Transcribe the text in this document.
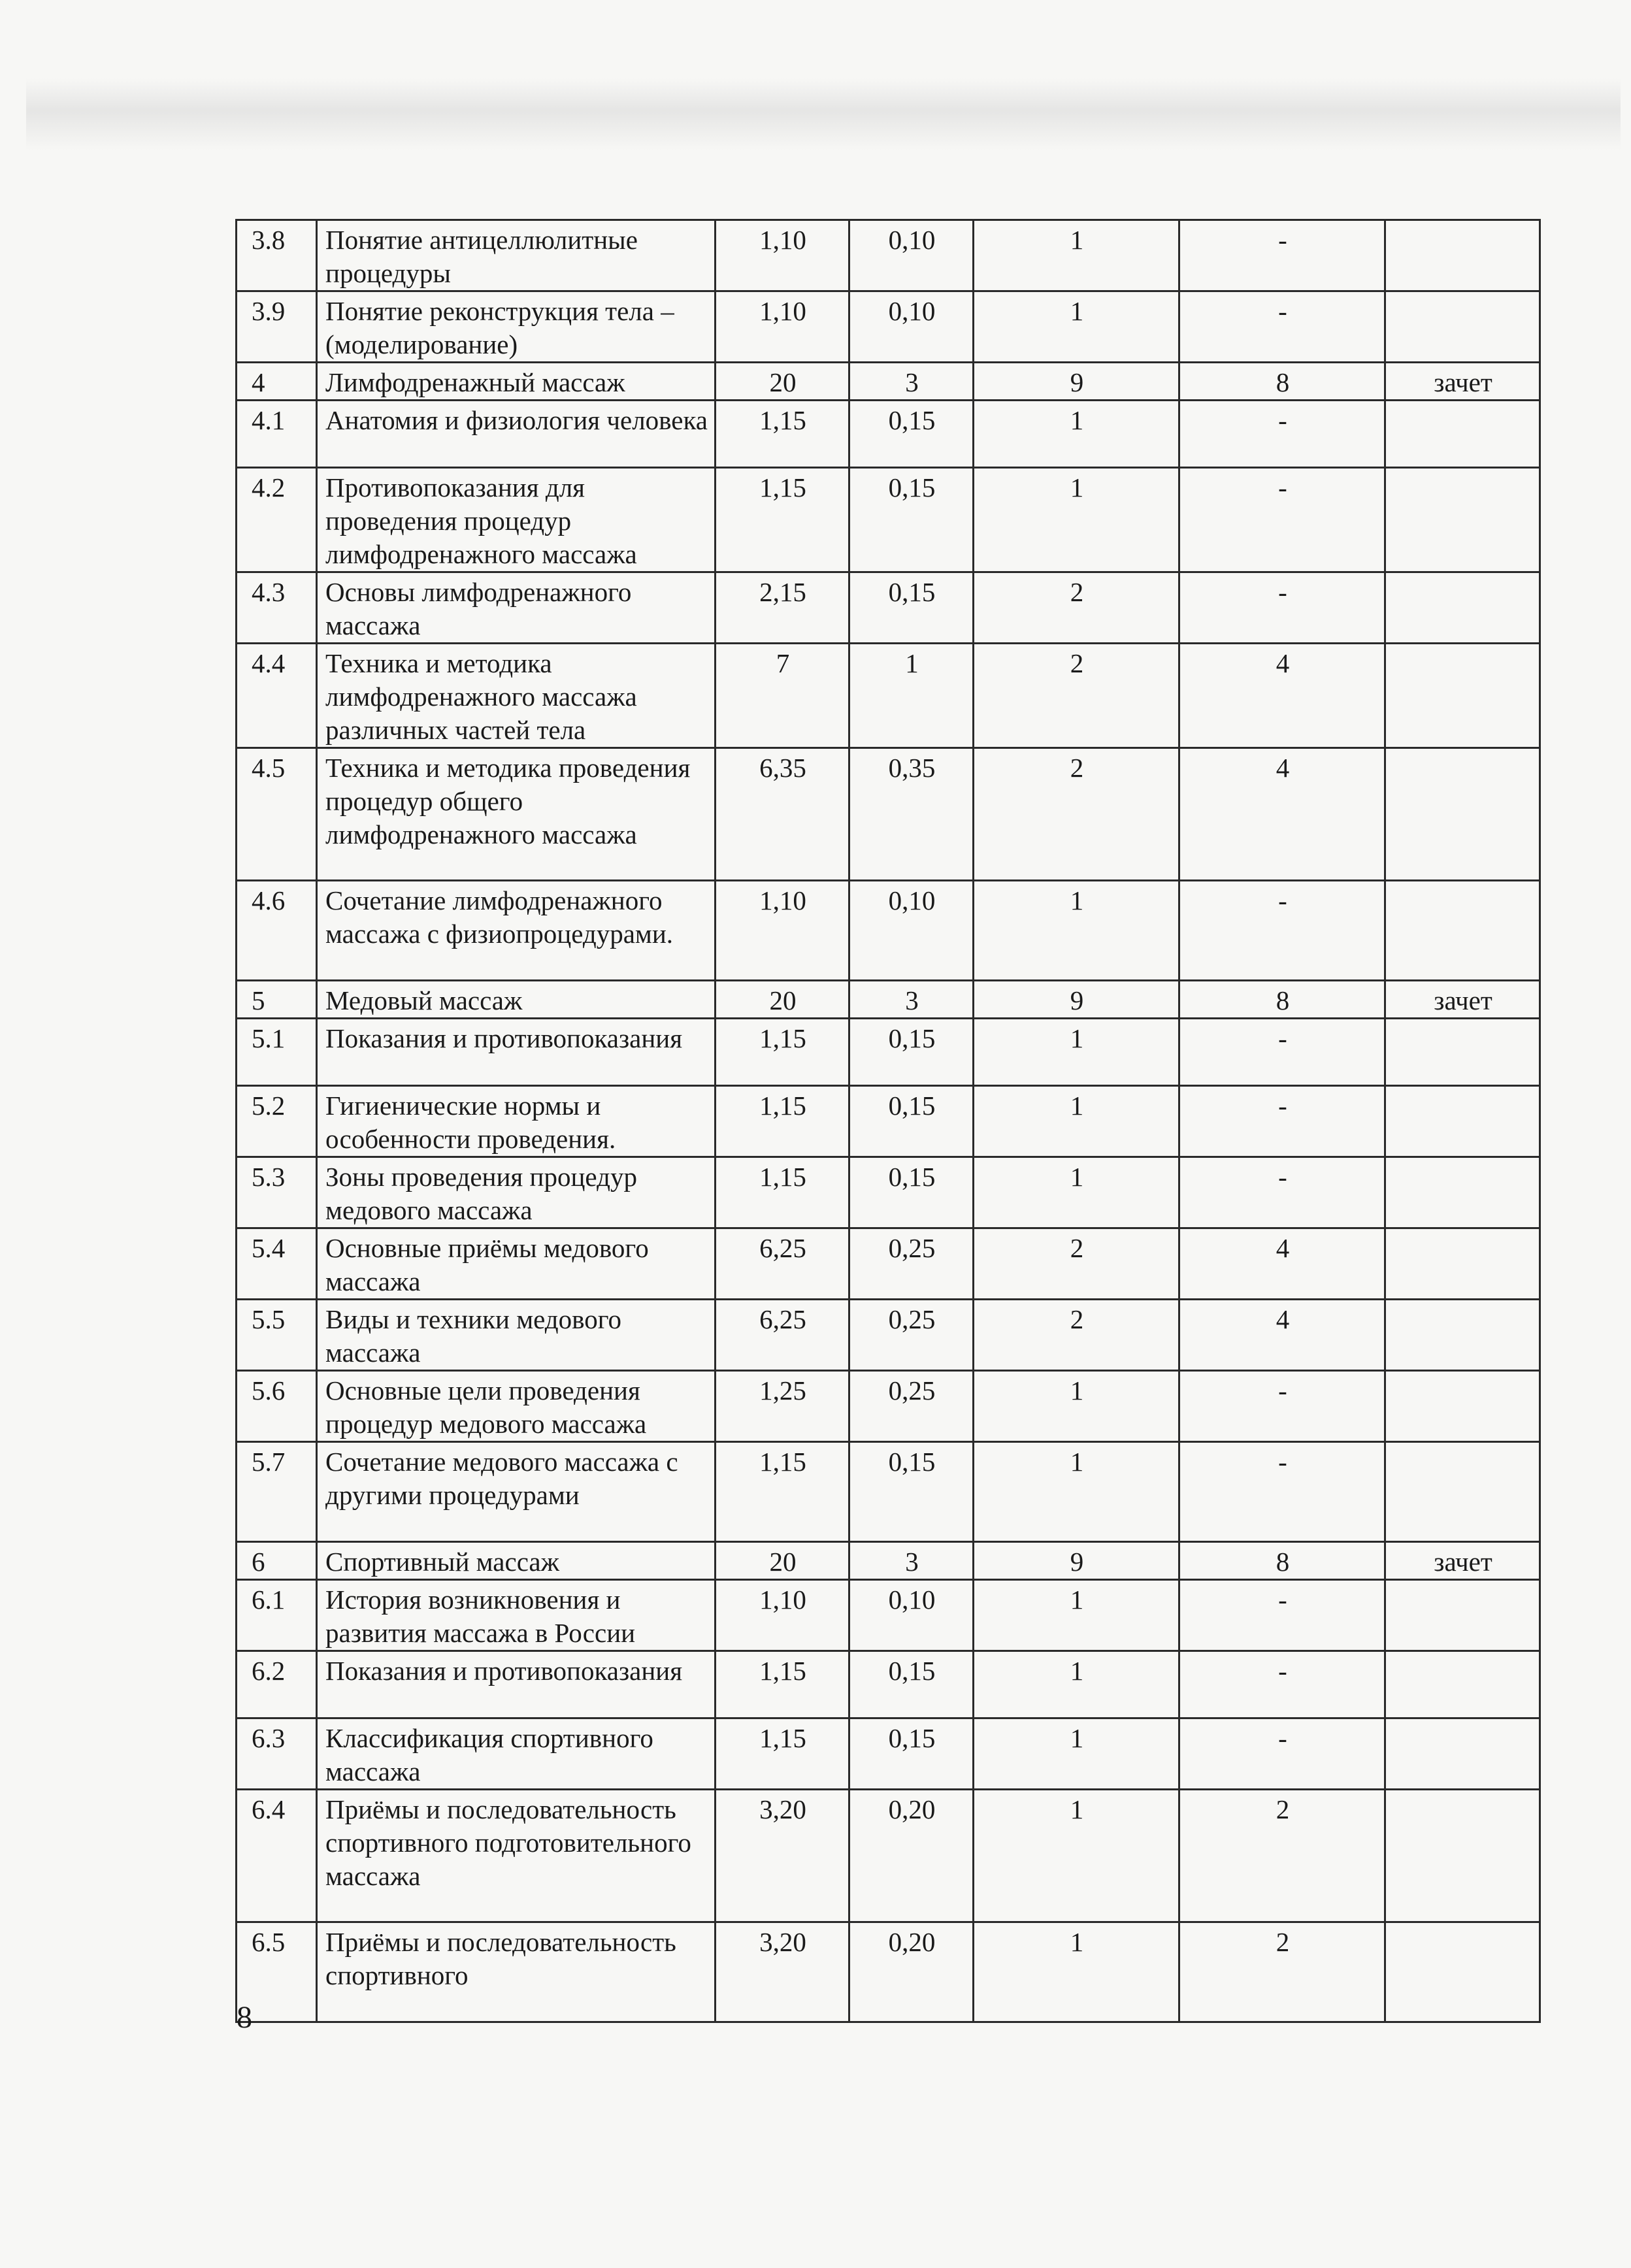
3.8	Понятие антицеллюлитные процедуры	1,10	0,10	1	-	
3.9	Понятие реконструкция тела – (моделирование)	1,10	0,10	1	-	
4	Лимфодренажный массаж	20	3	9	8	зачет
4.1	Анатомия и физиология человека	1,15	0,15	1	-	
4.2	Противопоказания для проведения процедур лимфодренажного массажа	1,15	0,15	1	-	
4.3	Основы лимфодренажного массажа	2,15	0,15	2	-	
4.4	Техника и методика лимфодренажного массажа различных частей тела	7	1	2	4	
4.5	Техника и методика проведения процедур общего лимфодренажного массажа	6,35	0,35	2	4	
4.6	Сочетание лимфодренажного массажа с физиопроцедурами.	1,10	0,10	1	-	
5	Медовый массаж	20	3	9	8	зачет
5.1	Показания и противопоказания	1,15	0,15	1	-	
5.2	Гигиенические нормы и особенности проведения.	1,15	0,15	1	-	
5.3	Зоны проведения процедур медового массажа	1,15	0,15	1	-	
5.4	Основные приёмы медового массажа	6,25	0,25	2	4	
5.5	Виды и техники медового массажа	6,25	0,25	2	4	
5.6	Основные цели проведения процедур медового массажа	1,25	0,25	1	-	
5.7	Сочетание медового массажа с другими процедурами	1,15	0,15	1	-	
6	Спортивный массаж	20	3	9	8	зачет
6.1	История возникновения и развития массажа в России	1,10	0,10	1	-	
6.2	Показания и противопоказания	1,15	0,15	1	-	
6.3	Классификация спортивного массажа	1,15	0,15	1	-	
6.4	Приёмы и последовательность спортивного подготовительного массажа	3,20	0,20	1	2	
6.5	Приёмы и последовательность спортивного	3,20	0,20	1	2	
8
